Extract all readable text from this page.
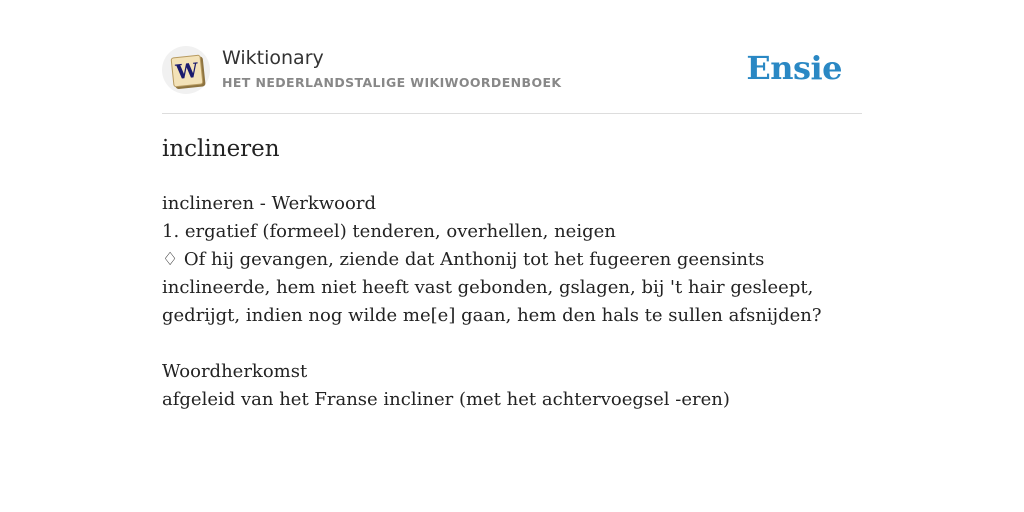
W Wiktionary
HET NEDERLANDSTALIGE WIKIWOORDENBOEK	Ensie
inclineren

inclineren - Werkwoord

1. ergatief (formeel) tenderen, overhellen, neigen

♢ Of hij gevangen, ziende dat Anthonij tot het fugeeren geensints inclineerde, hem niet heeft vast gebonden, gslagen, bij 't hair gesleept, gedrijgt, indien nog wilde me[e] gaan, hem den hals te sullen afsnijden?

Woordherkomst

afgeleid van het Franse incliner (met het achtervoegsel -eren)
